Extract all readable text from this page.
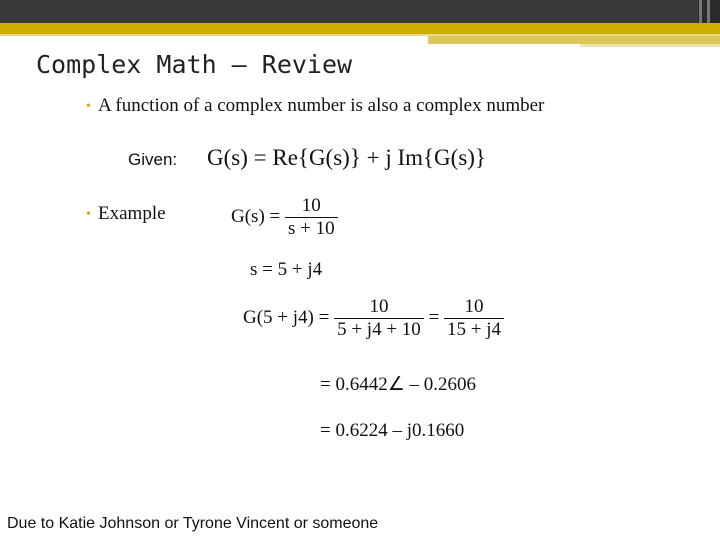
Complex Math – Review
• A function of a complex number is also a complex number
Given: G(s) = Re{G(s)} + j Im{G(s)}
• Example	$G(s) = \frac{10}{s + 10}$
s = 5 + j4
$G(5 + j4) = \frac{10}{5 + j4 + 10} = \frac{10}{15 + j4}$
= 0.6442∠ – 0.2606
= 0.6224 – j0.1660
Due to Katie Johnson or Tyrone Vincent or someone
